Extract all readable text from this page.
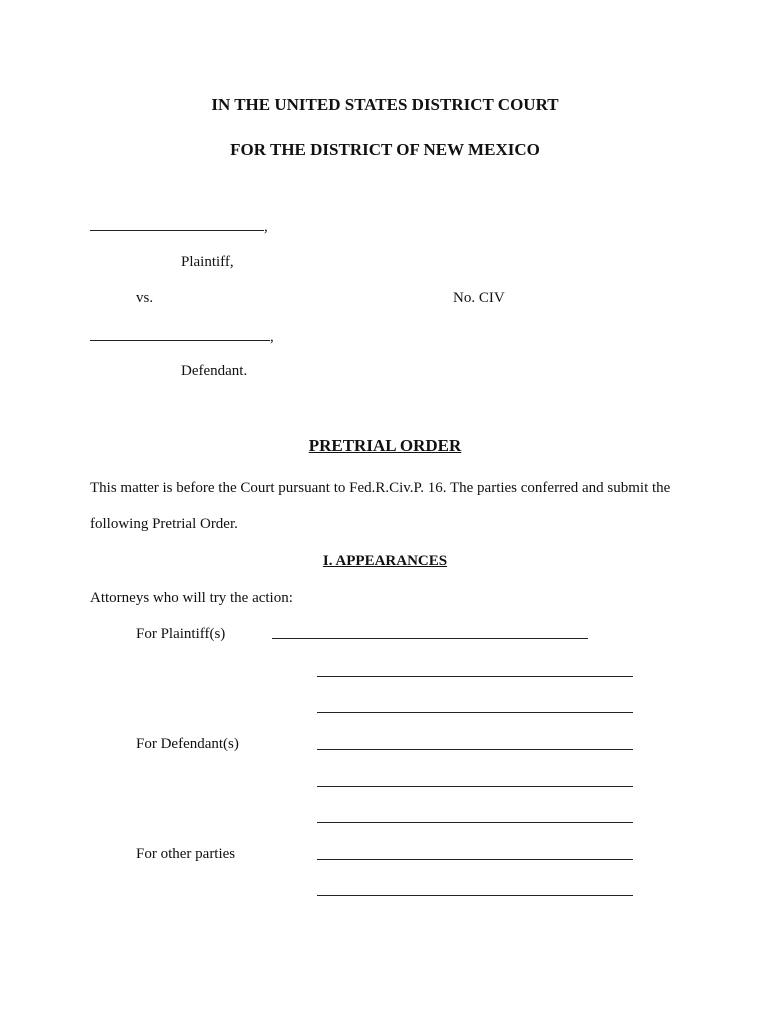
IN THE UNITED STATES DISTRICT COURT
FOR THE DISTRICT OF NEW MEXICO
,
Plaintiff,
vs.	No. CIV
,
Defendant.
PRETRIAL ORDER
This matter is before the Court pursuant to Fed.R.Civ.P. 16. The parties conferred and submit the
following Pretrial Order.
I. APPEARANCES
Attorneys who will try the action:
For Plaintiff(s)
For Defendant(s)
For other parties
